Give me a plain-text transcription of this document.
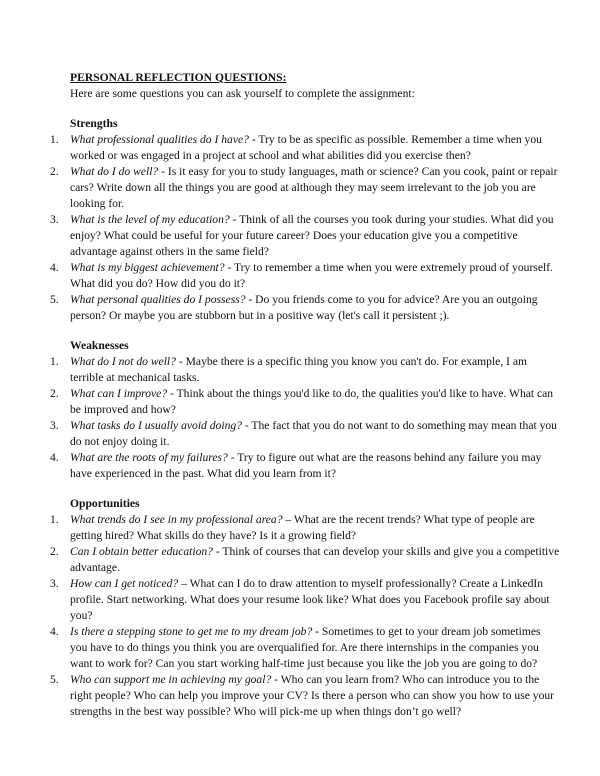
PERSONAL REFLECTION QUESTIONS:

Here are some questions you can ask yourself to complete the assignment:

Strengths

1. What professional qualities do I have? - Try to be as specific as possible. Remember a time when you worked or was engaged in a project at school and what abilities did you exercise then?
2. What do I do well? - Is it easy for you to study languages, math or science? Can you cook, paint or repair cars? Write down all the things you are good at although they may seem irrelevant to the job you are looking for.
3. What is the level of my education? - Think of all the courses you took during your studies. What did you enjoy? What could be useful for your future career? Does your education give you a competitive advantage against others in the same field?
4. What is my biggest achievement? - Try to remember a time when you were extremely proud of yourself. What did you do? How did you do it?
5. What personal qualities do I possess? - Do you friends come to you for advice? Are you an outgoing person? Or maybe you are stubborn but in a positive way (let's call it persistent ;).

Weaknesses

1. What do I not do well? - Maybe there is a specific thing you know you can't do. For example, I am terrible at mechanical tasks.
2. What can I improve? - Think about the things you'd like to do, the qualities you'd like to have. What can be improved and how?
3. What tasks do I usually avoid doing? - The fact that you do not want to do something may mean that you do not enjoy doing it.
4. What are the roots of my failures? - Try to figure out what are the reasons behind any failure you may have experienced in the past. What did you learn from it?

Opportunities

1. What trends do I see in my professional area? – What are the recent trends? What type of people are getting hired? What skills do they have? Is it a growing field?
2. Can I obtain better education? - Think of courses that can develop your skills and give you a competitive advantage.
3. How can I get noticed? – What can I do to draw attention to myself professionally? Create a LinkedIn profile. Start networking. What does your resume look like? What does you Facebook profile say about you?
4. Is there a stepping stone to get me to my dream job? - Sometimes to get to your dream job sometimes you have to do things you think you are overqualified for. Are there internships in the companies you want to work for? Can you start working half-time just because you like the job you are going to do?
5. Who can support me in achieving my goal? - Who can you learn from? Who can introduce you to the right people? Who can help you improve your CV? Is there a person who can show you how to use your strengths in the best way possible? Who will pick-me up when things don’t go well?
